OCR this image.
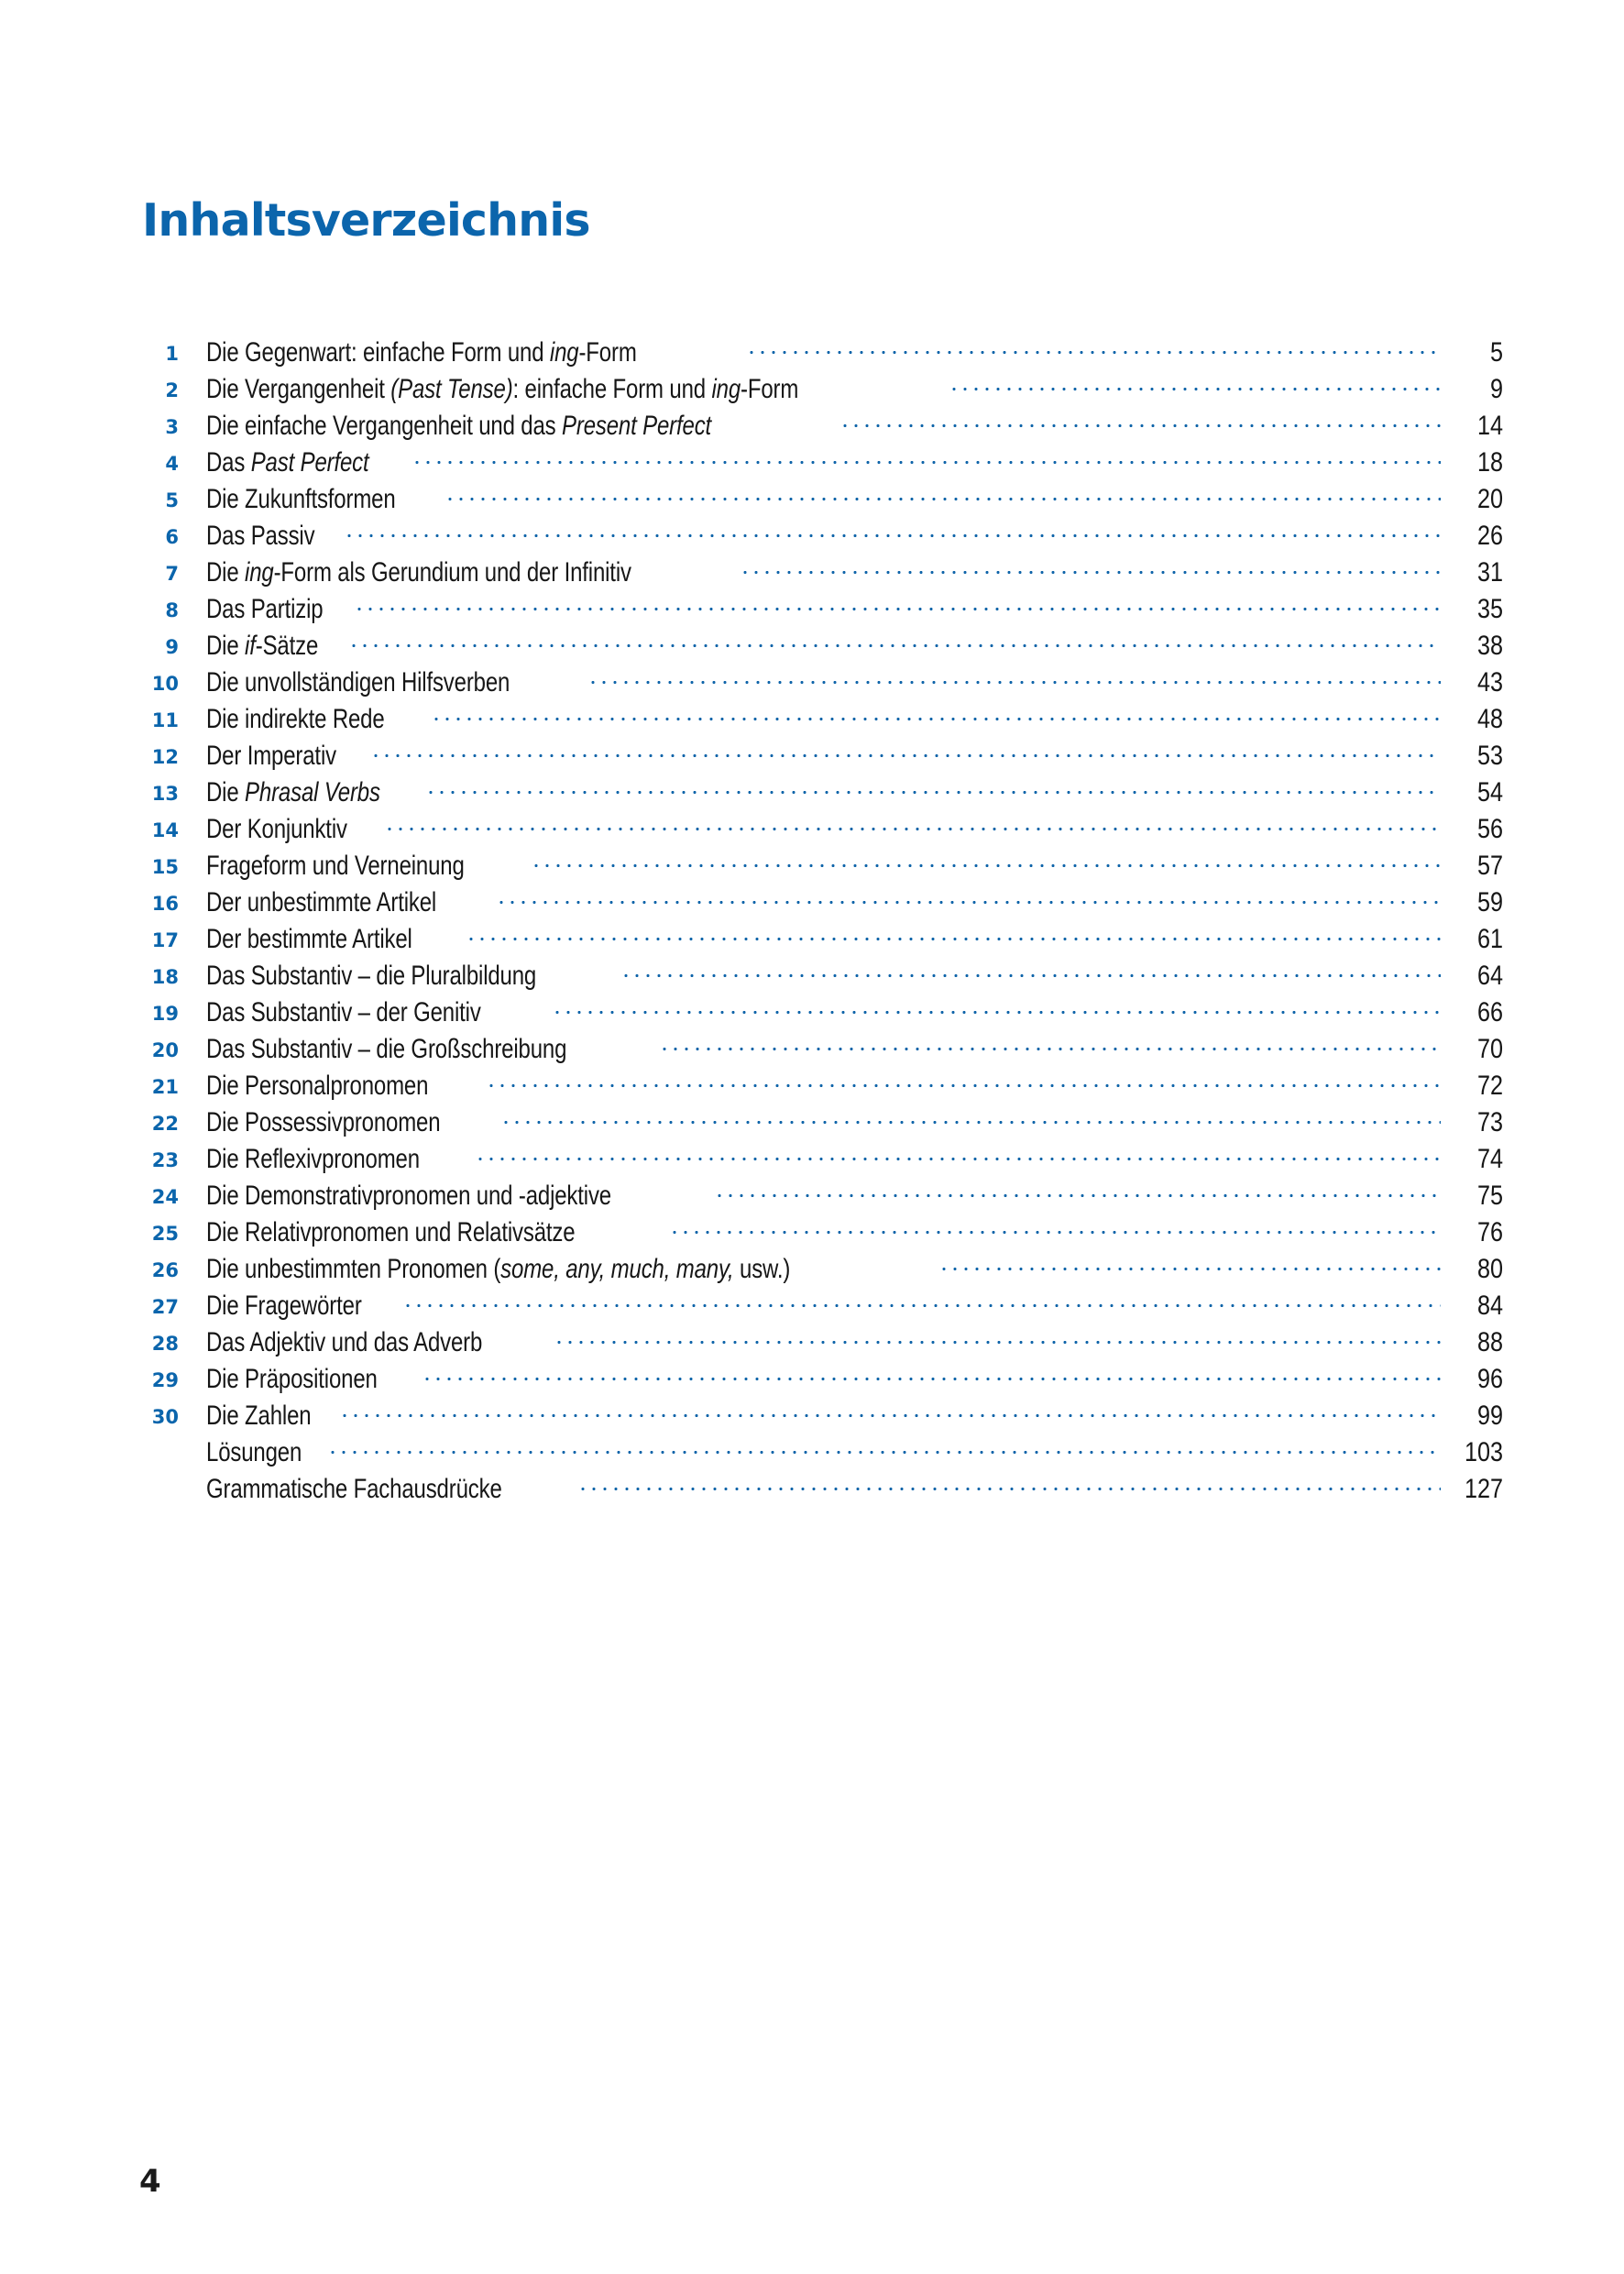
Inhaltsverzeichnis
1 Die Gegenwart: einfache Form und ing-Form	5
2 Die Vergangenheit (Past Tense): einfache Form und ing-Form	9
3 Die einfache Vergangenheit und das Present Perfect	14
4 Das Past Perfect	18
5 Die Zukunftsformen	20
6 Das Passiv	26
7 Die ing-Form als Gerundium und der Infinitiv	31
8 Das Partizip	35
9 Die if-Sätze	38
10 Die unvollständigen Hilfsverben	43
11 Die indirekte Rede	48
12 Der Imperativ	53
13 Die Phrasal Verbs	54
14 Der Konjunktiv	56
15 Frageform und Verneinung	57
16 Der unbestimmte Artikel	59
17 Der bestimmte Artikel	61
18 Das Substantiv – die Pluralbildung	64
19 Das Substantiv – der Genitiv	66
20 Das Substantiv – die Großschreibung	70
21 Die Personalpronomen	72
22 Die Possessivpronomen	73
23 Die Reflexivpronomen	74
24 Die Demonstrativpronomen und -adjektive	75
25 Die Relativpronomen und Relativsätze	76
26 Die unbestimmten Pronomen (some, any, much, many, usw.)	80
27 Die Fragewörter	84
28 Das Adjektiv und das Adverb	88
29 Die Präpositionen	96
30 Die Zahlen	99
Lösungen	103
Grammatische Fachausdrücke	127
4
